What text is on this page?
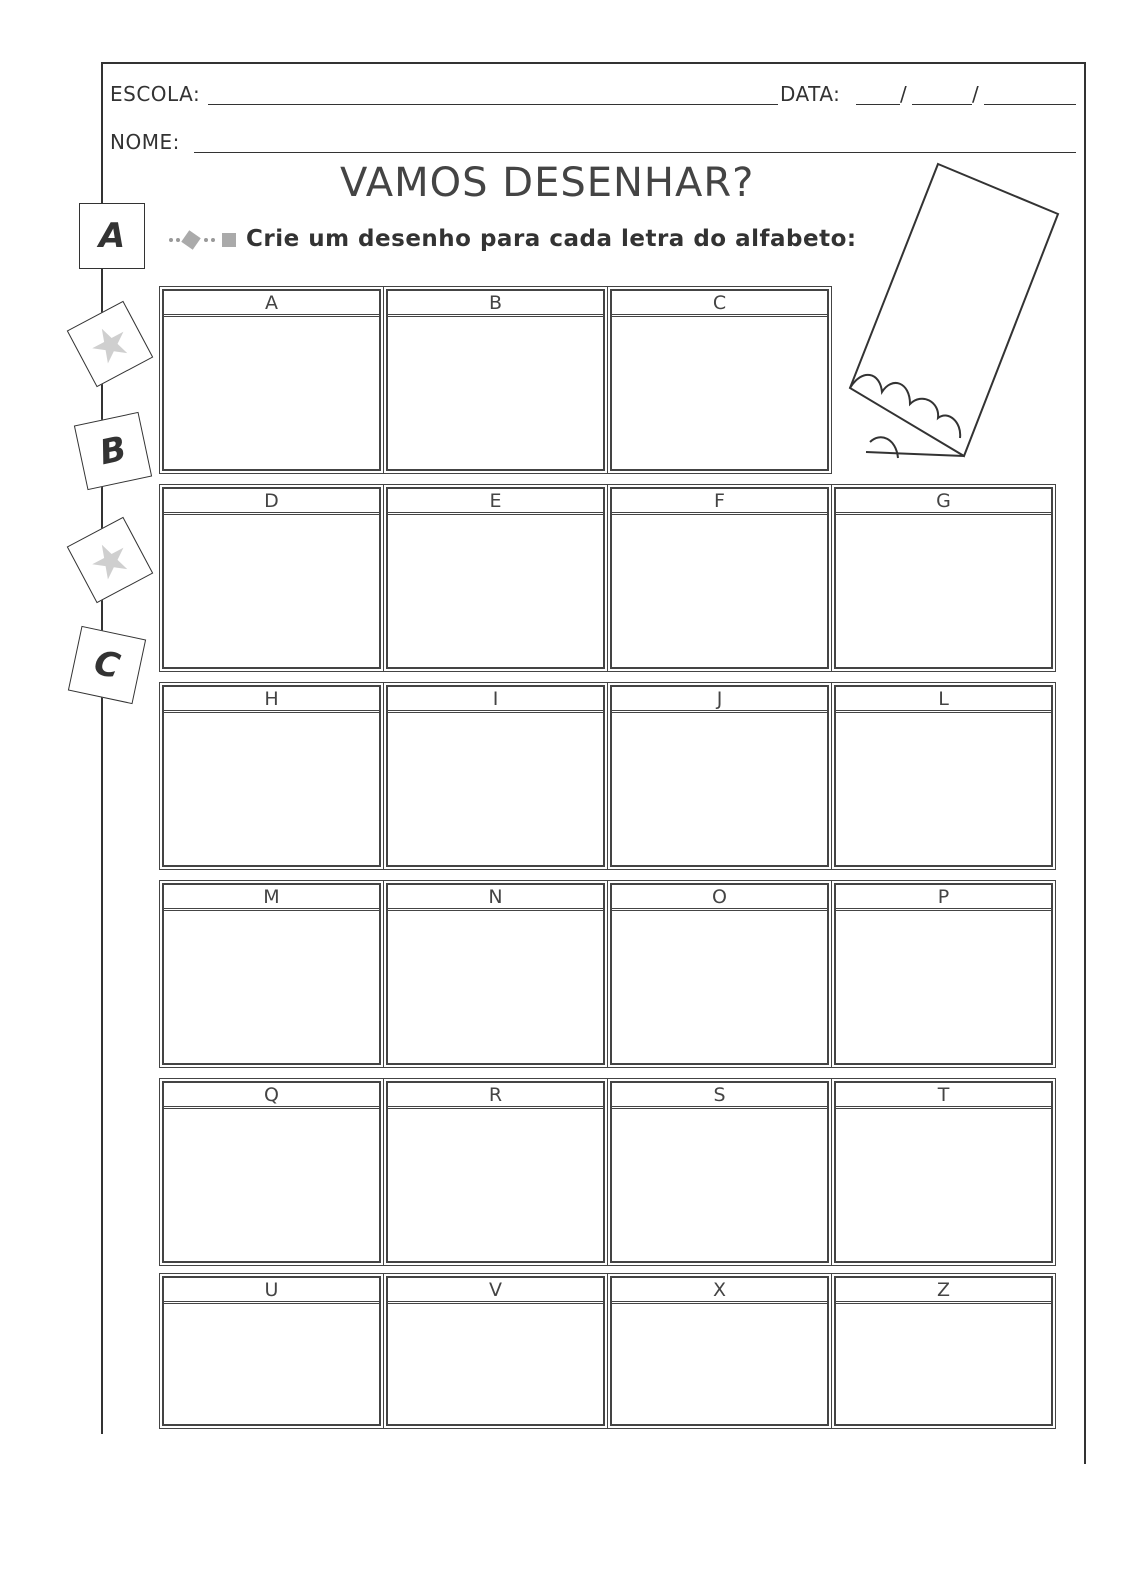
ESCOLA:	DATA:	/	/
NOME:
VAMOS DESENHAR?
Crie um desenho para cada letra do alfabeto:
A
★
B
★
C
A	B	C
D	E	F	G
H	I	J	L
M	N	O	P
Q	R	S	T
U	V	X	Z
